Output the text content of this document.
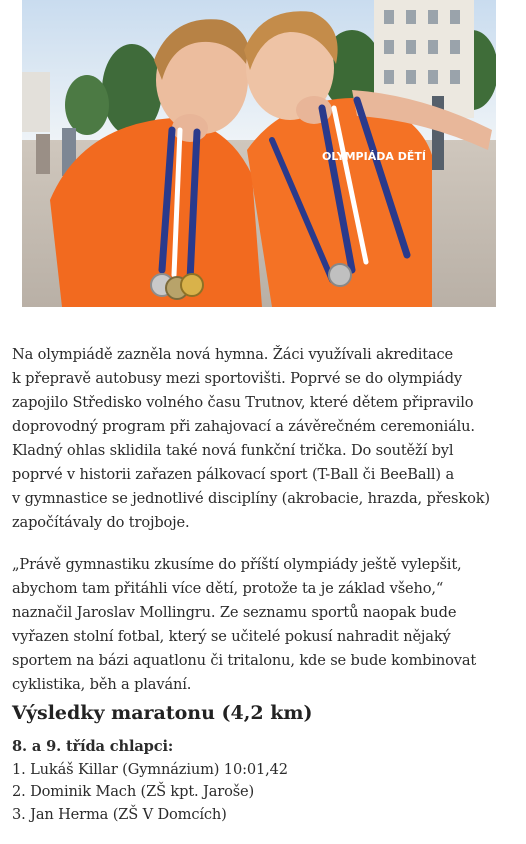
OLYMPIÁDA DĚTÍ

Na olympiádě zazněla nová hymna. Žáci využívali akreditace
k přepravě autobusy mezi sportovišti. Poprvé se do olympiády
zapojilo Středisko volného času Trutnov, které dětem připravilo
doprovodný program při zahajovací a závěrečném ceremoniálu.
Kladný ohlas sklidila také nová funkční trička. Do soutěží byl
poprvé v historii zařazen pálkovací sport (T-Ball či BeeBall) a
v gymnastice se jednotlivé disciplíny (akrobacie, hrazda, přeskok)
započítávaly do trojboje.

„Právě gymnastiku zkusíme do příští olympiády ještě vylepšit,
abychom tam přitáhli více dětí, protože ta je základ všeho,“
naznačil Jaroslav Mollingru. Ze seznamu sportů naopak bude
vyřazen stolní fotbal, který se učitelé pokusí nahradit nějaký
sportem na bázi aquatlonu či tritalonu, kde se bude kombinovat
cyklistika, běh a plavání.

Výsledky maratonu (4,2 km)
8. a 9. třída chlapci:
1. Lukáš Killar (Gymnázium) 10:01,42
2. Dominik Mach (ZŠ kpt. Jaroše)
3. Jan Herma (ZŠ V Domcích)
